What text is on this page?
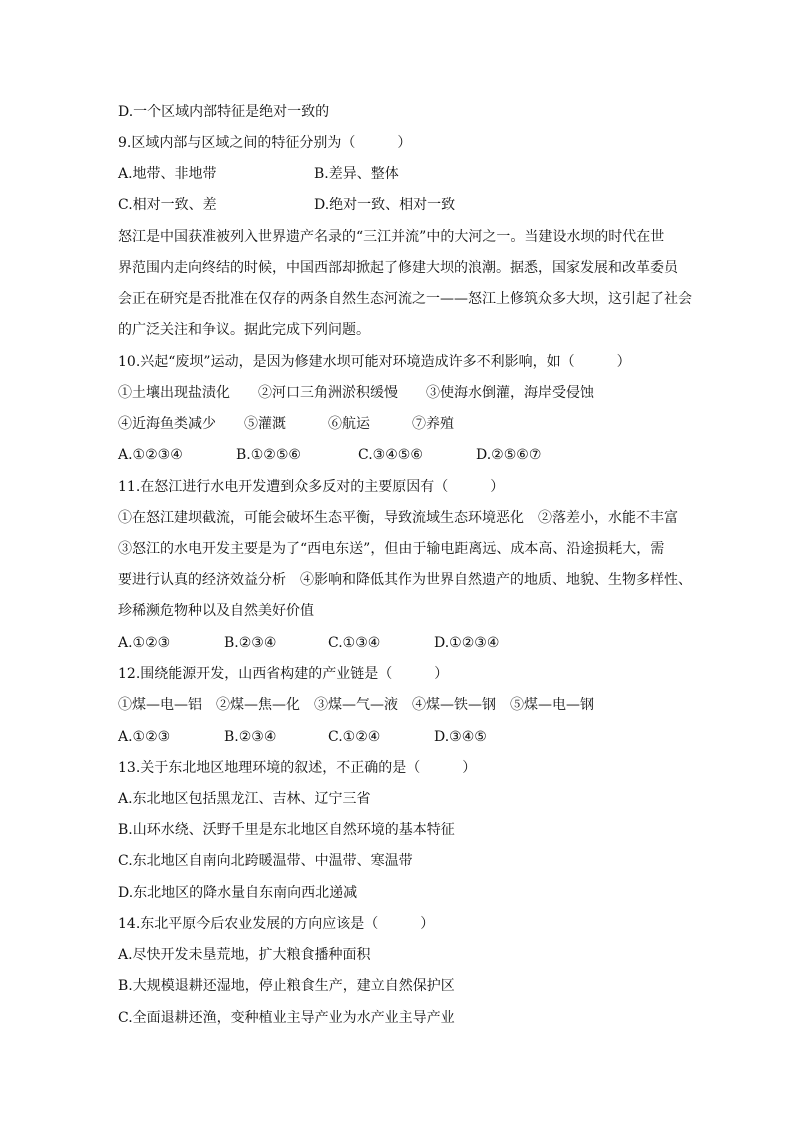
D.一个区域内部特征是绝对一致的
9.区域内部与区域之间的特征分别为（　　　）
A.地带、非地带	B.差异、整体
C.相对一致、差	D.绝对一致、相对一致
怒江是中国获准被列入世界遗产名录的“三江并流”中的大河之一。当建设水坝的时代在世
界范围内走向终结的时候，中国西部却掀起了修建大坝的浪潮。据悉，国家发展和改革委员
会正在研究是否批准在仅存的两条自然生态河流之一——怒江上修筑众多大坝，这引起了社会
的广泛关注和争议。据此完成下列问题。
10.兴起“废坝”运动，是因为修建水坝可能对环境造成许多不利影响，如（　　　）
①土壤出现盐渍化　　②河口三角洲淤积缓慢　　③使海水倒灌，海岸受侵蚀
④近海鱼类减少　　⑤灌溉　　　⑥航运　　　⑦养殖
A.①②③④	B.①②⑤⑥	C.③④⑤⑥	D.②⑤⑥⑦
11.在怒江进行水电开发遭到众多反对的主要原因有（　　　）
①在怒江建坝截流，可能会破坏生态平衡，导致流域生态环境恶化　②落差小，水能不丰富
③怒江的水电开发主要是为了“西电东送”，但由于输电距离远、成本高、沿途损耗大，需
要进行认真的经济效益分析　④影响和降低其作为世界自然遗产的地质、地貌、生物多样性、
珍稀濒危物种以及自然美好价值
A.①②③	B.②③④	C.①③④	D.①②③④
12.围绕能源开发，山西省构建的产业链是（　　　）
①煤—电—铝　②煤—焦—化　③煤—气—液　④煤—铁—钢　⑤煤—电—钢
A.①②③	B.②③④	C.①②④	D.③④⑤
13.关于东北地区地理环境的叙述，不正确的是（　　　）
A.东北地区包括黑龙江、吉林、辽宁三省
B.山环水绕、沃野千里是东北地区自然环境的基本特征
C.东北地区自南向北跨暖温带、中温带、寒温带
D.东北地区的降水量自东南向西北递减
14.东北平原今后农业发展的方向应该是（　　　）
A.尽快开发未垦荒地，扩大粮食播种面积
B.大规模退耕还湿地，停止粮食生产，建立自然保护区
C.全面退耕还渔，变种植业主导产业为水产业主导产业
